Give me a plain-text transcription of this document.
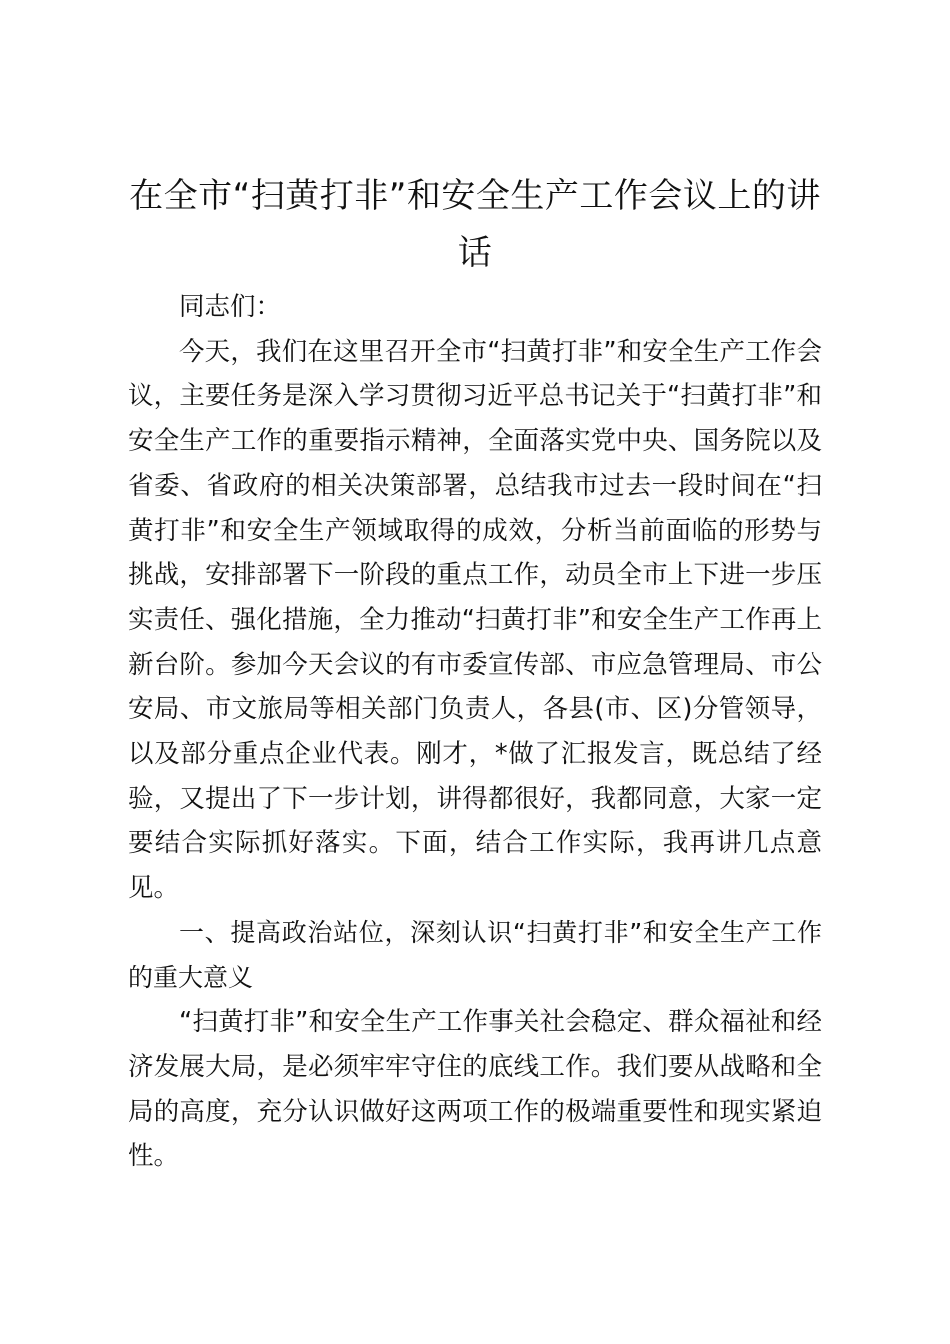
在全市“扫黄打非”和安全生产工作会议上的讲话

同志们：

今天，我们在这里召开全市“扫黄打非”和安全生产工作会议，主要任务是深入学习贯彻习近平总书记关于“扫黄打非”和安全生产工作的重要指示精神，全面落实党中央、国务院以及省委、省政府的相关决策部署，总结我市过去一段时间在“扫黄打非”和安全生产领域取得的成效，分析当前面临的形势与挑战，安排部署下一阶段的重点工作，动员全市上下进一步压实责任、强化措施，全力推动“扫黄打非”和安全生产工作再上新台阶。参加今天会议的有市委宣传部、市应急管理局、市公安局、市文旅局等相关部门负责人，各县(市、区)分管领导，以及部分重点企业代表。刚才，*做了汇报发言，既总结了经验，又提出了下一步计划，讲得都很好，我都同意，大家一定要结合实际抓好落实。下面，结合工作实际，我再讲几点意见。

一、提高政治站位，深刻认识“扫黄打非”和安全生产工作的重大意义

“扫黄打非”和安全生产工作事关社会稳定、群众福祉和经济发展大局，是必须牢牢守住的底线工作。我们要从战略和全局的高度，充分认识做好这两项工作的极端重要性和现实紧迫性。
